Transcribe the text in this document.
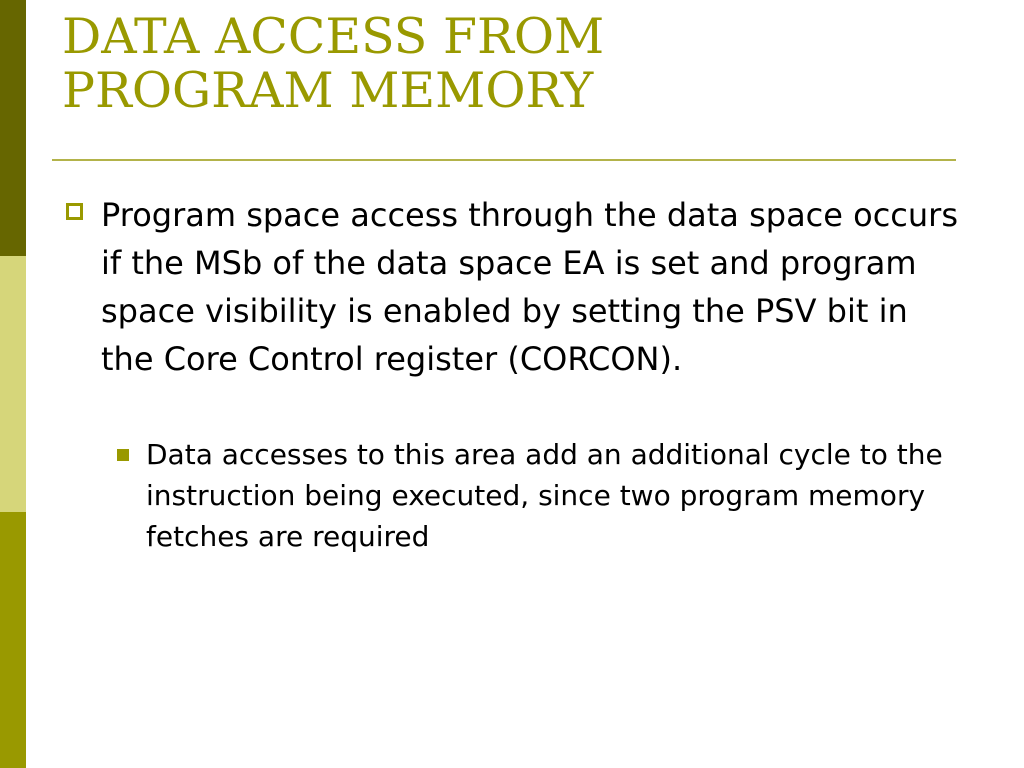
DATA ACCESS FROM
PROGRAM MEMORY
Program space access through the data space occurs if the MSb of the data space EA is set and program space visibility is enabled by setting the PSV bit in the Core Control register (CORCON).
Data accesses to this area add an additional cycle to the instruction being executed, since two program memory fetches are required
